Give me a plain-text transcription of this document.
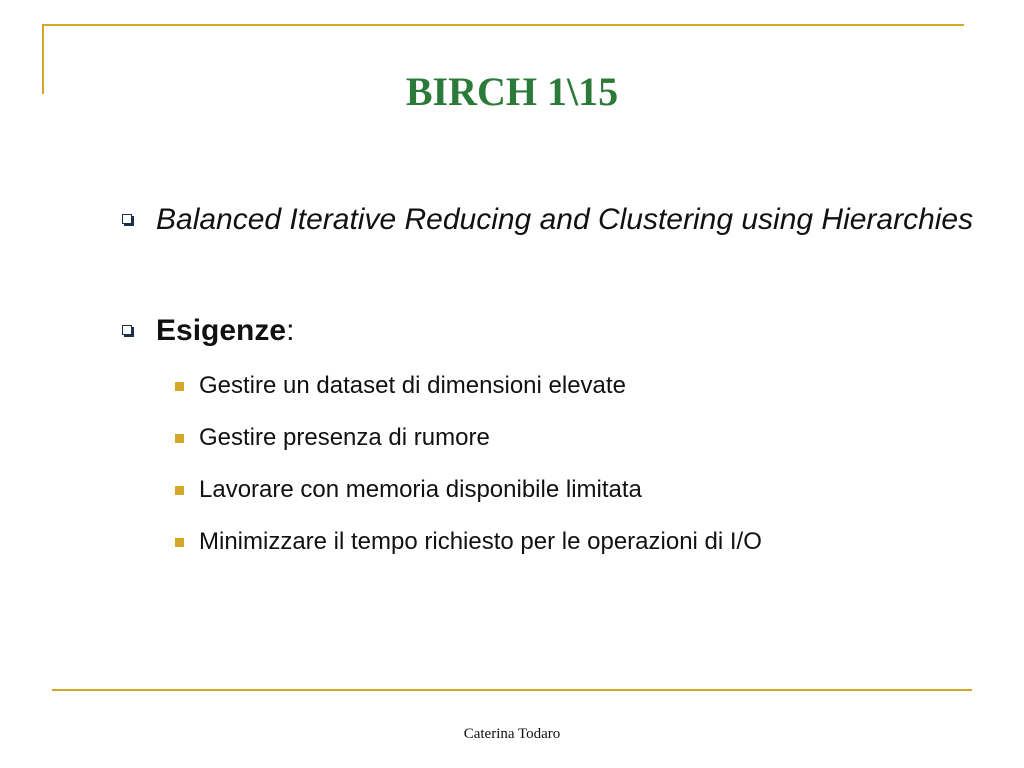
BIRCH 1\15
Balanced Iterative Reducing and Clustering using Hierarchies
Esigenze:
Gestire un dataset di dimensioni elevate
Gestire presenza di rumore
Lavorare con memoria disponibile limitata
Minimizzare il tempo richiesto per le operazioni di I/O
Caterina Todaro
